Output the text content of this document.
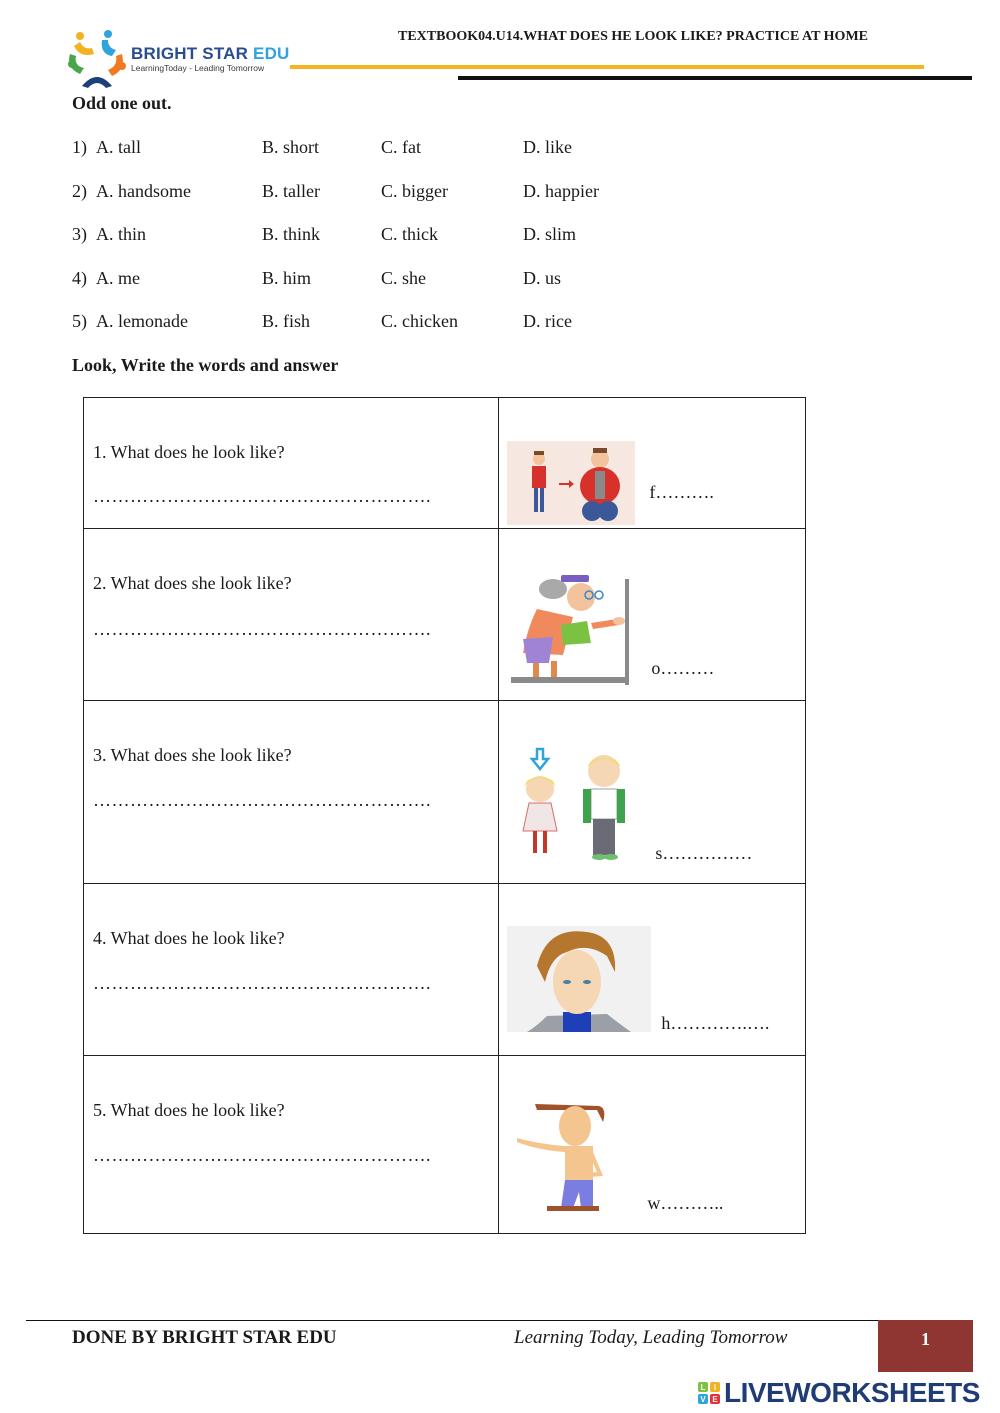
BRIGHT STAR EDU
LearningToday - Leading Tomorrow
TEXTBOOK04.U14.WHAT DOES HE LOOK LIKE? PRACTICE AT HOME
Odd one out.
1) A. tall	B. short	C. fat	D. like
2) A. handsome	B. taller	C. bigger	D. happier
3) A. thin	B. think	C. thick	D. slim
4) A. me	B. him	C. she	D. us
5) A. lemonade	B. fish	C. chicken	D. rice
Look, Write the words and answer
1. What does he look like?
……………………………………………….	f……….

2. What does she look like?
……………………………………………….	o………

3. What does she look like?
……………………………………………….	s……………

4. What does he look like?
……………………………………………….	h………….….

5. What does he look like?
……………………………………………….	w………..
DONE BY BRIGHT STAR EDU	Learning Today, Leading Tomorrow	1
L	I
V E LIVEWORKSHEETS
